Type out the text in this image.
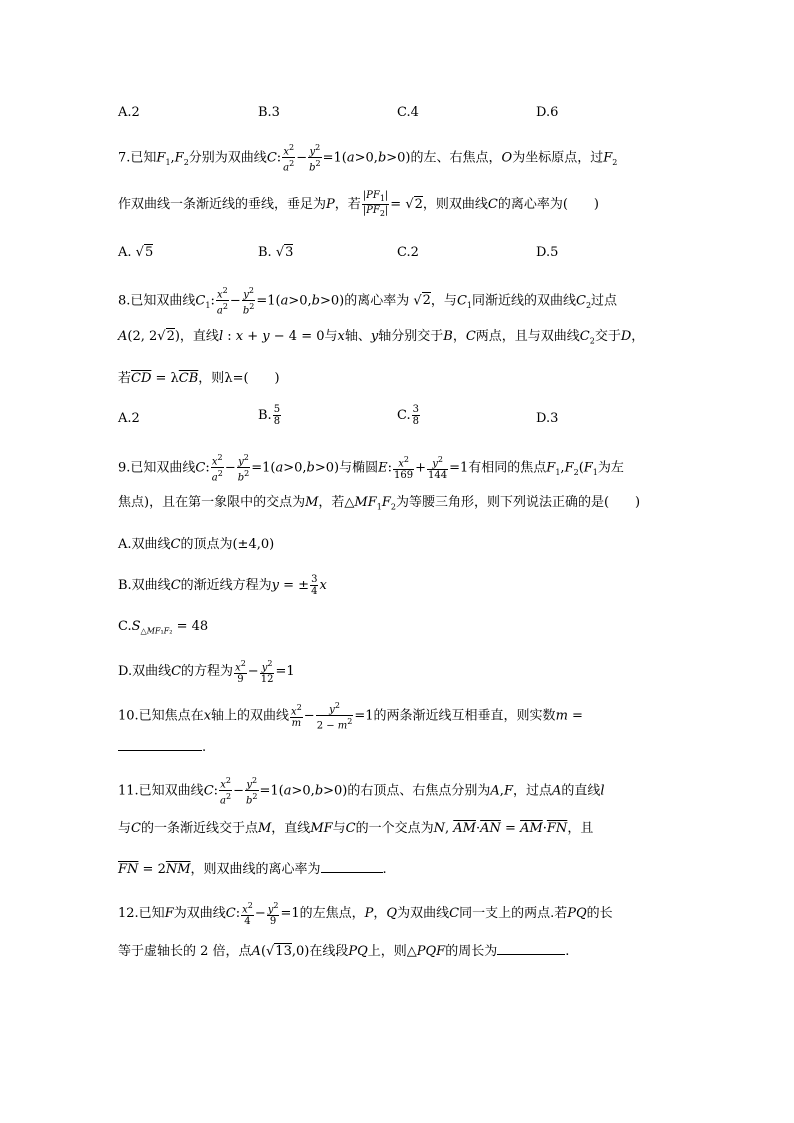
A.2	B.3	C.4	D.6
7.已知$F_1,F_2$分别为双曲线C: $\frac{x^2}{a^2} - \frac{y^2}{b^2} =1(a>0,b>0)$的左、右焦点，O为坐标原点，过$F_2$
作双曲线一条渐近线的垂线，垂足为P，若 $\frac{|PF_1|}{|PF_2|} = √2$，则双曲线C的离心率为(　　)
A. √5	B. √3	C.2	D.5
8.已知双曲线$C_1$: $\frac{x^2}{a^2} - \frac{y^2}{b^2} =1(a>0,b>0)$的离心率为 √2，与$C_1$同渐近线的双曲线$C_2$过点
A(2, 2√2)，直线l : x + y − 4 = 0与x轴、y轴分别交于B，C两点，且与双曲线$C_2$交于D，
若$\overline{CD} = \lambda\overline{CB}$，则λ=(　　)
A.2	B. $\frac{5}{8}$	C. $\frac{3}{8}$	D.3
9.已知双曲线C: $\frac{x^2}{a^2} - \frac{y^2}{b^2} =1(a>0,b>0)$与椭圆E: $\frac{x^2}{169} + \frac{y^2}{144} =1$有相同的焦点$F_1,F_2(F_1$为左
焦点)，且在第一象限中的交点为M，若$\triangle MF_1F_2$为等腰三角形，则下列说法正确的是(　　)
A.双曲线C的顶点为(±4,0)
B.双曲线C的渐近线方程为y = ± $\frac{3}{4}$ x
$C.S_{\triangle MF_1F_2} = 48$
D.双曲线C的方程为 $\frac{x^2}{9} - \frac{y^2}{12} =1$
10.已知焦点在x轴上的双曲线 $\frac{x^2}{m} - \frac{y^2}{2 - m^2} =1$的两条渐近线互相垂直，则实数m =
.
11.已知双曲线C: $\frac{x^2}{a^2} - \frac{y^2}{b^2} =1(a>0,b>0)$的右顶点、右焦点分别为A,F，过点A的直线l
与C的一条渐近线交于点M，直线MF与C的一个交点为N, $\overline{AM}\cdot\overline{AN} = \overline{AM}\cdot\overline{FN}$，且
$\overline{FN} = 2\overline{NM}$，则双曲线的离心率为	.
12.已知F为双曲线C: $\frac{x^2}{4} - \frac{y^2}{9} =1$的左焦点，P，Q为双曲线C同一支上的两点.若PQ的长
等于虚轴长的 2 倍，点A(√13,0)在线段PQ上，则△PQF的周长为	.
